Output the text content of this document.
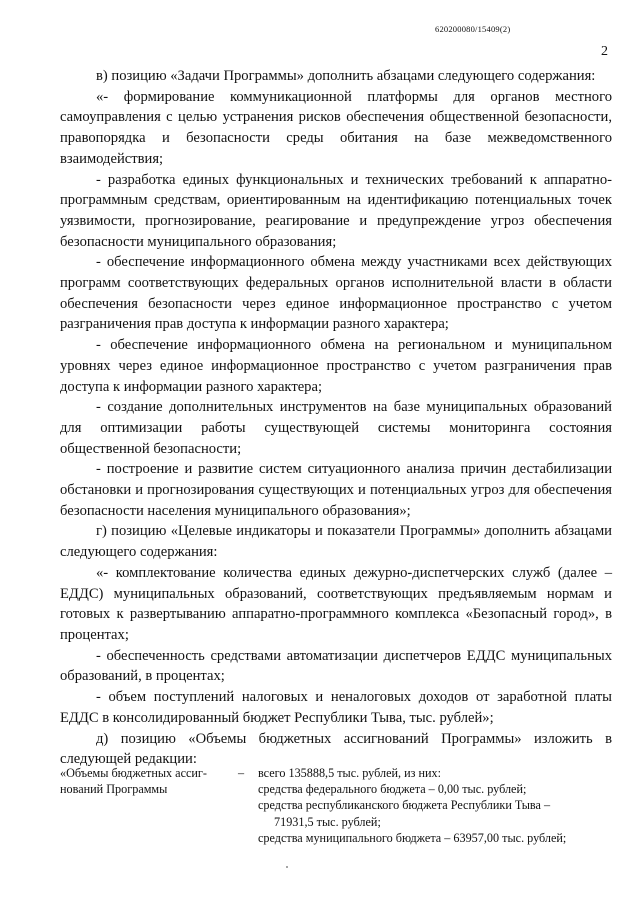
620200080/15409(2)
2

в) позицию «Задачи Программы» дополнить абзацами следующего содержания:

«- формирование коммуникационной платформы для органов местного самоуправления с целью устранения рисков обеспечения общественной безопасности, правопорядка и безопасности среды обитания на базе межведомственного взаимодействия;

- разработка единых функциональных и технических требований к аппаратно-программным средствам, ориентированным на идентификацию потенциальных точек уязвимости, прогнозирование, реагирование и предупреждение угроз обеспечения безопасности муниципального образования;

- обеспечение информационного обмена между участниками всех действующих программ соответствующих федеральных органов исполнительной власти в области обеспечения безопасности через единое информационное пространство с учетом разграничения прав доступа к информации разного характера;

- обеспечение информационного обмена на региональном и муниципальном уровнях через единое информационное пространство с учетом разграничения прав доступа к информации разного характера;

- создание дополнительных инструментов на базе муниципальных образований для оптимизации работы существующей системы мониторинга состояния общественной безопасности;

- построение и развитие систем ситуационного анализа причин дестабилизации обстановки и прогнозирования существующих и потенциальных угроз для обеспечения безопасности населения муниципального образования»;

г) позицию «Целевые индикаторы и показатели Программы» дополнить абзацами следующего содержания:

«- комплектование количества единых дежурно-диспетчерских служб (далее – ЕДДС) муниципальных образований, соответствующих предъявляемым нормам и готовых к развертыванию аппаратно-программного комплекса «Безопасный город», в процентах;

- обеспеченность средствами автоматизации диспетчеров ЕДДС муниципальных образований, в процентах;

- объем поступлений налоговых и неналоговых доходов от заработной платы ЕДДС в консолидированный бюджет Республики Тыва, тыс. рублей»;

д) позицию «Объемы бюджетных ассигнований Программы» изложить в следующей редакции:

«Объемы бюджетных ассиг-
нований Программы
– всего 135888,5 тыс. рублей, из них:
средства федерального бюджета – 0,00 тыс. рублей;
средства республиканского бюджета Республики Тыва –
71931,5 тыс. рублей;
средства муниципального бюджета – 63957,00 тыс. рублей;
